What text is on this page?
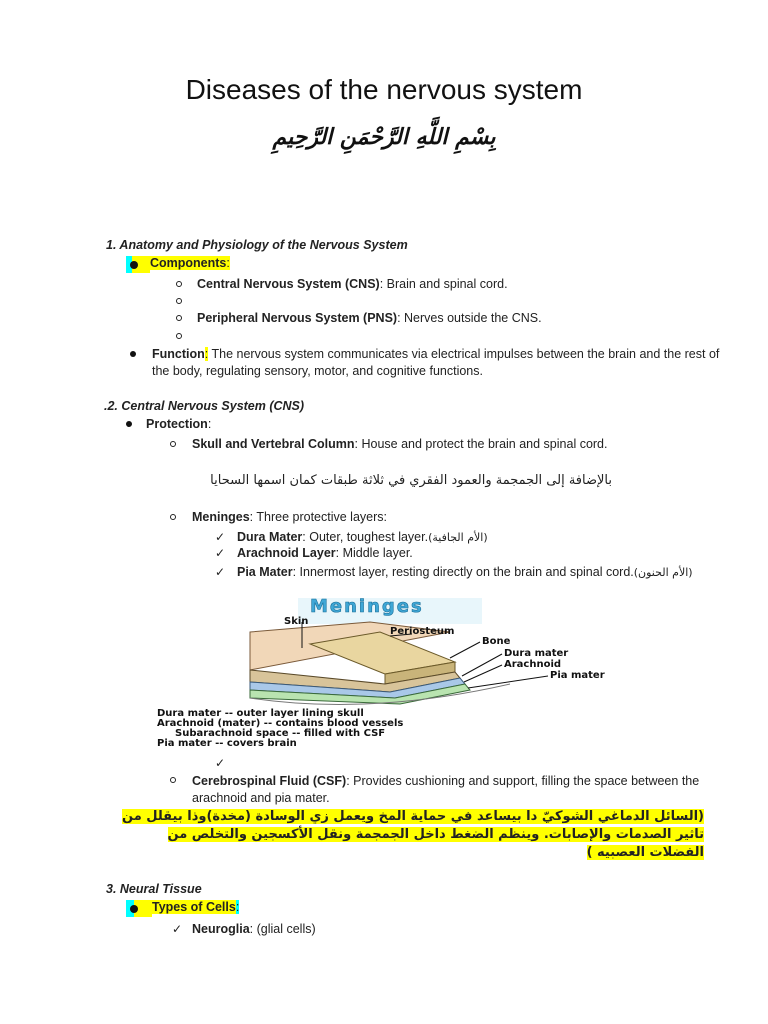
Diseases of the nervous system
بِسْمِ اللَّهِ الرَّحْمَنِ الرَّحِيمِ
1. Anatomy and Physiology of the Nervous System
Components:
Central Nervous System (CNS): Brain and spinal cord.
Peripheral Nervous System (PNS): Nerves outside the CNS.
Function: The nervous system communicates via electrical impulses between the brain and the rest of
the body, regulating sensory, motor, and cognitive functions.
.2. Central Nervous System (CNS)
Protection:
Skull and Vertebral Column: House and protect the brain and spinal cord.
بالإضافة إلى الجمجمة والعمود الفقري في ثلاثة طبقات كمان اسمها السحايا
Meninges: Three protective layers:
✓ Dura Mater: Outer, toughest layer.(الأم الجافية)
✓ Arachnoid Layer: Middle layer.
✓ Pia Mater: Innermost layer, resting directly on the brain and spinal cord.(الأم الحنون)
Meninges
Skin
Periosteum
Bone
Dura mater
Arachnoid
Pia mater
Dura mater -- outer layer lining skull
Arachnoid (mater) -- contains blood vessels
Subarachnoid space -- filled with CSF
Pia mater -- covers brain
✓
Cerebrospinal Fluid (CSF): Provides cushioning and support, filling the space between the
arachnoid and pia mater.
(السائل الدماغي الشوكيّ دا بيساعد في حماية المخ ويعمل زي الوسادة (مخدة)وذا بيقلل من
تاثير الصدمات والإصابات. وينظم الضغط داخل الجمجمة ونقل الأكسجين والتخلص من
الفضلات العصبيه )
3. Neural Tissue
Types of Cells:
✓ Neuroglia: (glial cells)
